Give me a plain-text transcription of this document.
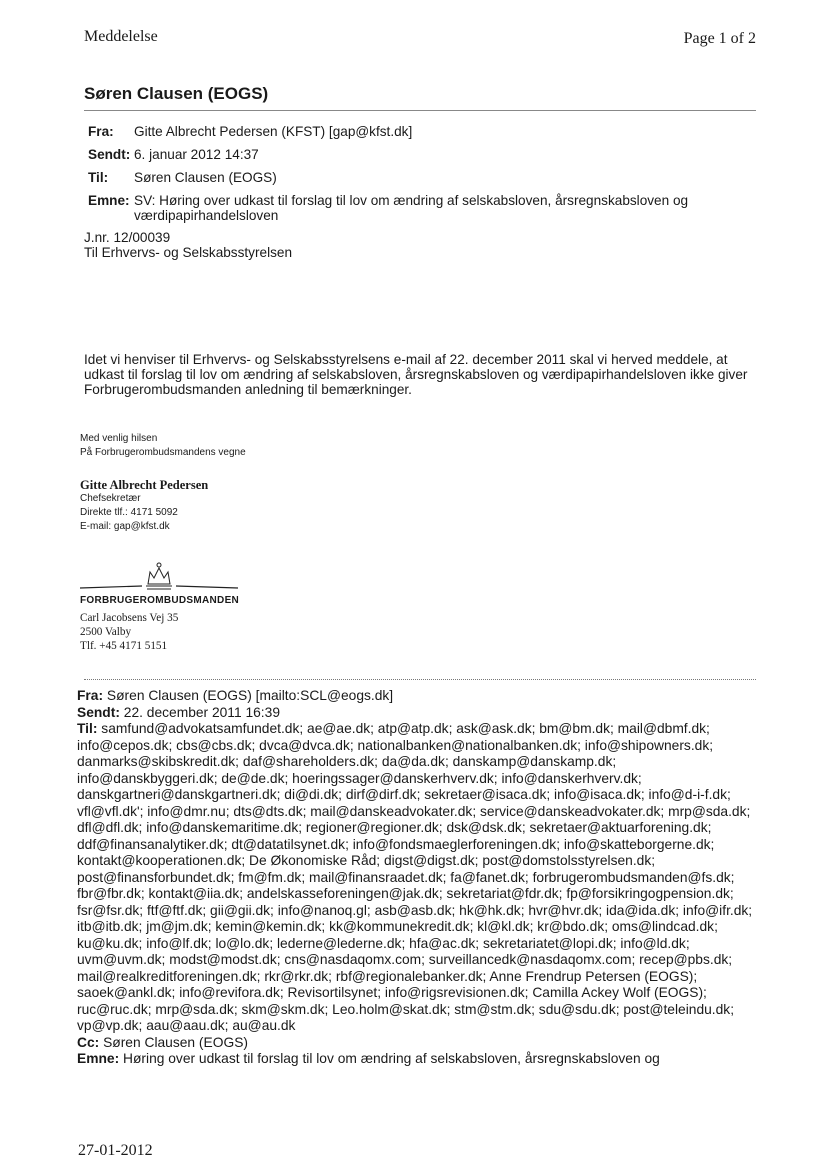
Meddelelse	Page 1 of 2
Søren Clausen (EOGS)
Fra:	Gitte Albrecht Pedersen (KFST) [gap@kfst.dk]
Sendt: 6. januar 2012 14:37
Til:	Søren Clausen (EOGS)
Emne: SV: Høring over udkast til forslag til lov om ændring af selskabsloven, årsregnskabsloven og værdipapirhandelsloven
J.nr. 12/00039
Til Erhvervs- og Selskabsstyrelsen
Idet vi henviser til Erhvervs- og Selskabsstyrelsens e-mail af 22. december 2011 skal vi herved meddele, at udkast til forslag til lov om ændring af selskabsloven, årsregnskabsloven og værdipapirhandelsloven ikke giver Forbrugerombudsmanden anledning til bemærkninger.
Med venlig hilsen
På Forbrugerombudsmandens vegne
Gitte Albrecht Pedersen
Chefsekretær
Direkte tlf.: 4171 5092
E-mail: gap@kfst.dk
FORBRUGEROMBUDSMANDEN
Carl Jacobsens Vej 35
2500 Valby
Tlf. +45 4171 5151
Fra: Søren Clausen (EOGS) [mailto:SCL@eogs.dk]
Sendt: 22. december 2011 16:39
Til: samfund@advokatsamfundet.dk; ae@ae.dk; atp@atp.dk; ask@ask.dk; bm@bm.dk; mail@dbmf.dk; info@cepos.dk; cbs@cbs.dk; dvca@dvca.dk; nationalbanken@nationalbanken.dk; info@shipowners.dk; danmarks@skibskredit.dk; daf@shareholders.dk; da@da.dk; danskamp@danskamp.dk; info@danskbyggeri.dk; de@de.dk; hoeringssager@danskerhverv.dk; info@danskerhverv.dk; danskgartneri@danskgartneri.dk; di@di.dk; dirf@dirf.dk; sekretaer@isaca.dk; info@isaca.dk; info@d-i-f.dk; vfl@vfl.dk'; info@dmr.nu; dts@dts.dk; mail@danskeadvokater.dk; service@danskeadvokater.dk; mrp@sda.dk; dfl@dfl.dk; info@danskemaritime.dk; regioner@regioner.dk; dsk@dsk.dk; sekretaer@aktuarforening.dk; ddf@finansanalytiker.dk; dt@datatilsynet.dk; info@fondsmaeglerforeningen.dk; info@skatteborgerne.dk; kontakt@kooperationen.dk; De Økonomiske Råd; digst@digst.dk; post@domstolsstyrelsen.dk; post@finansforbundet.dk; fm@fm.dk; mail@finansraadet.dk; fa@fanet.dk; forbrugerombudsmanden@fs.dk; fbr@fbr.dk; kontakt@iia.dk; andelskasseforeningen@jak.dk; sekretariat@fdr.dk; fp@forsikringogpension.dk; fsr@fsr.dk; ftf@ftf.dk; gii@gii.dk; info@nanoq.gl; asb@asb.dk; hk@hk.dk; hvr@hvr.dk; ida@ida.dk; info@ifr.dk; itb@itb.dk; jm@jm.dk; kemin@kemin.dk; kk@kommunekredit.dk; kl@kl.dk; kr@bdo.dk; oms@lindcad.dk; ku@ku.dk; info@lf.dk; lo@lo.dk; lederne@lederne.dk; hfa@ac.dk; sekretariatet@lopi.dk; info@ld.dk; uvm@uvm.dk; modst@modst.dk; cns@nasdaqomx.com; surveillancedk@nasdaqomx.com; recep@pbs.dk; mail@realkreditforeningen.dk; rkr@rkr.dk; rbf@regionalebanker.dk; Anne Frendrup Petersen (EOGS); saoek@ankl.dk; info@revifora.dk; Revisortilsynet; info@rigsrevisionen.dk; Camilla Ackey Wolf (EOGS); ruc@ruc.dk; mrp@sda.dk; skm@skm.dk; Leo.holm@skat.dk; stm@stm.dk; sdu@sdu.dk; post@teleindu.dk; vp@vp.dk; aau@aau.dk; au@au.dk
Cc: Søren Clausen (EOGS)
Emne: Høring over udkast til forslag til lov om ændring af selskabsloven, årsregnskabsloven og
27-01-2012
